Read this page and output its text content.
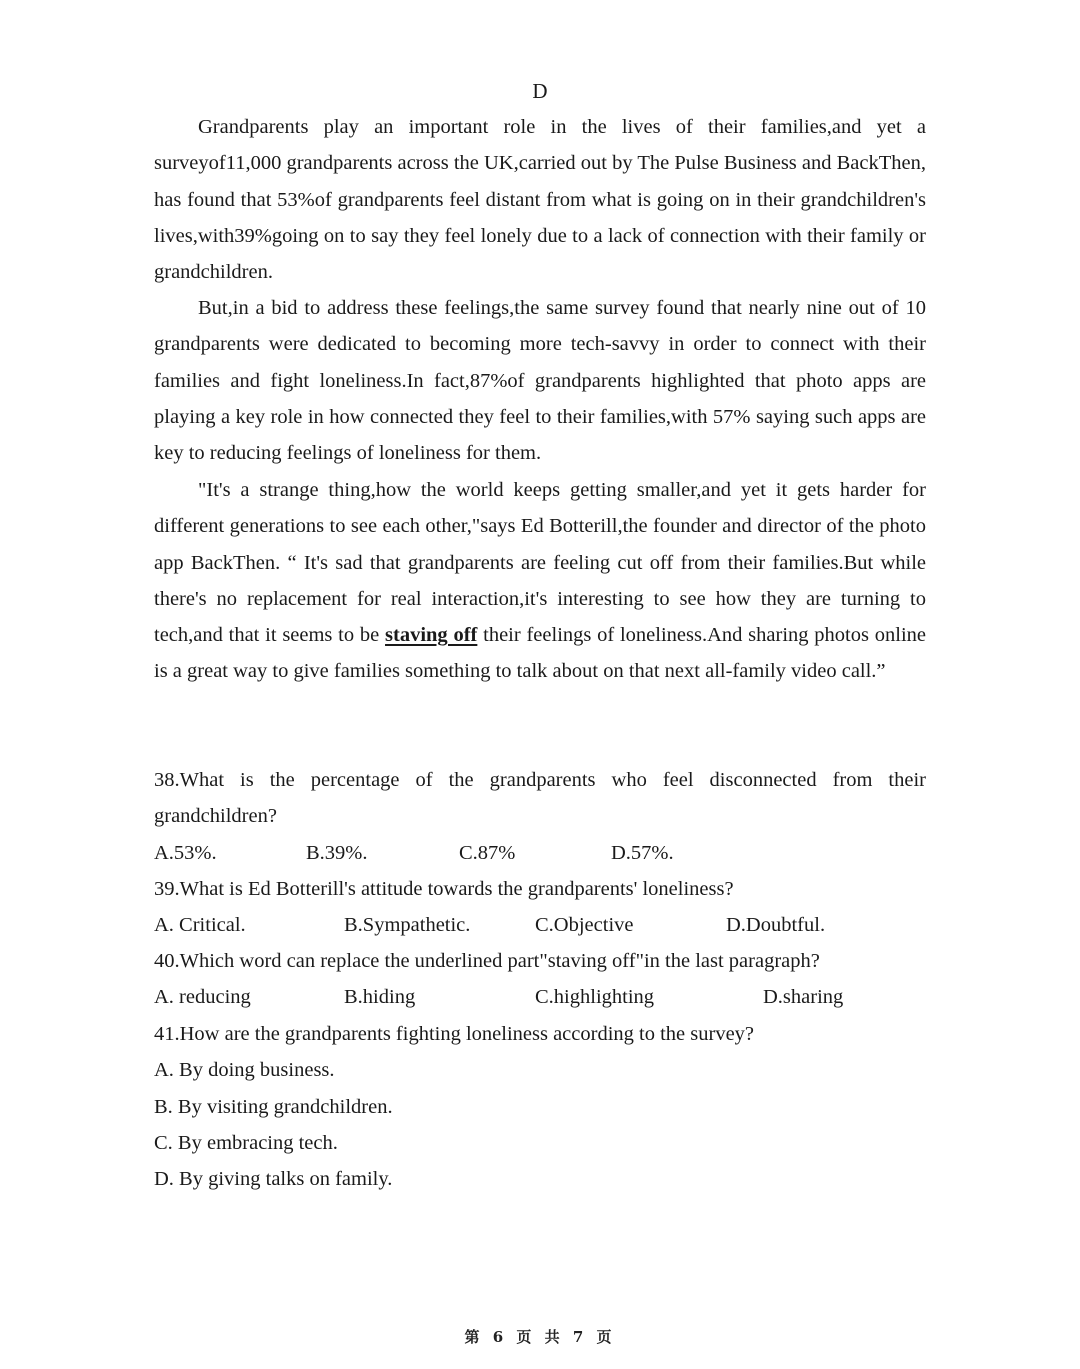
D

Grandparents play an important role in the lives of their families,and yet a surveyof11,000 grandparents across the UK,carried out by The Pulse Business and BackThen, has found that 53%of grandparents feel distant from what is going on in their grandchildren's lives,with39%going on to say they feel lonely due to a lack of connection with their family or grandchildren.

But,in a bid to address these feelings,the same survey found that nearly nine out of 10 grandparents were dedicated to becoming more tech-savvy in order to connect with their families and fight loneliness.In fact,87%of grandparents highlighted that photo apps are playing a key role in how connected they feel to their families,with 57% saying such apps are key to reducing feelings of loneliness for them.

"It's a strange thing,how the world keeps getting smaller,and yet it gets harder for different generations to see each other,"says Ed Botterill,the founder and director of the photo app BackThen. “ It's sad that grandparents are feeling cut off from their families.But while there's no replacement for real interaction,it's interesting to see how they are turning to tech,and that it seems to be staving off their feelings of loneliness.And sharing photos online is a great way to give families something to talk about on that next all-family video call.”

38.What is the percentage of the grandparents who feel disconnected from their grandchildren?
A.53%.	B.39%.	C.87%	D.57%.
39.What is Ed Botterill's attitude towards the grandparents' loneliness?
A. Critical.	B.Sympathetic.	C.Objective	D.Doubtful.
40.Which word can replace the underlined part"staving off"in the last paragraph?
A. reducing	B.hiding	C.highlighting	D.sharing
41.How are the grandparents fighting loneliness according to the survey?
A. By doing business.
B. By visiting grandchildren.
C. By embracing tech.
D. By giving talks on family.
第 6 页 共 7 页
